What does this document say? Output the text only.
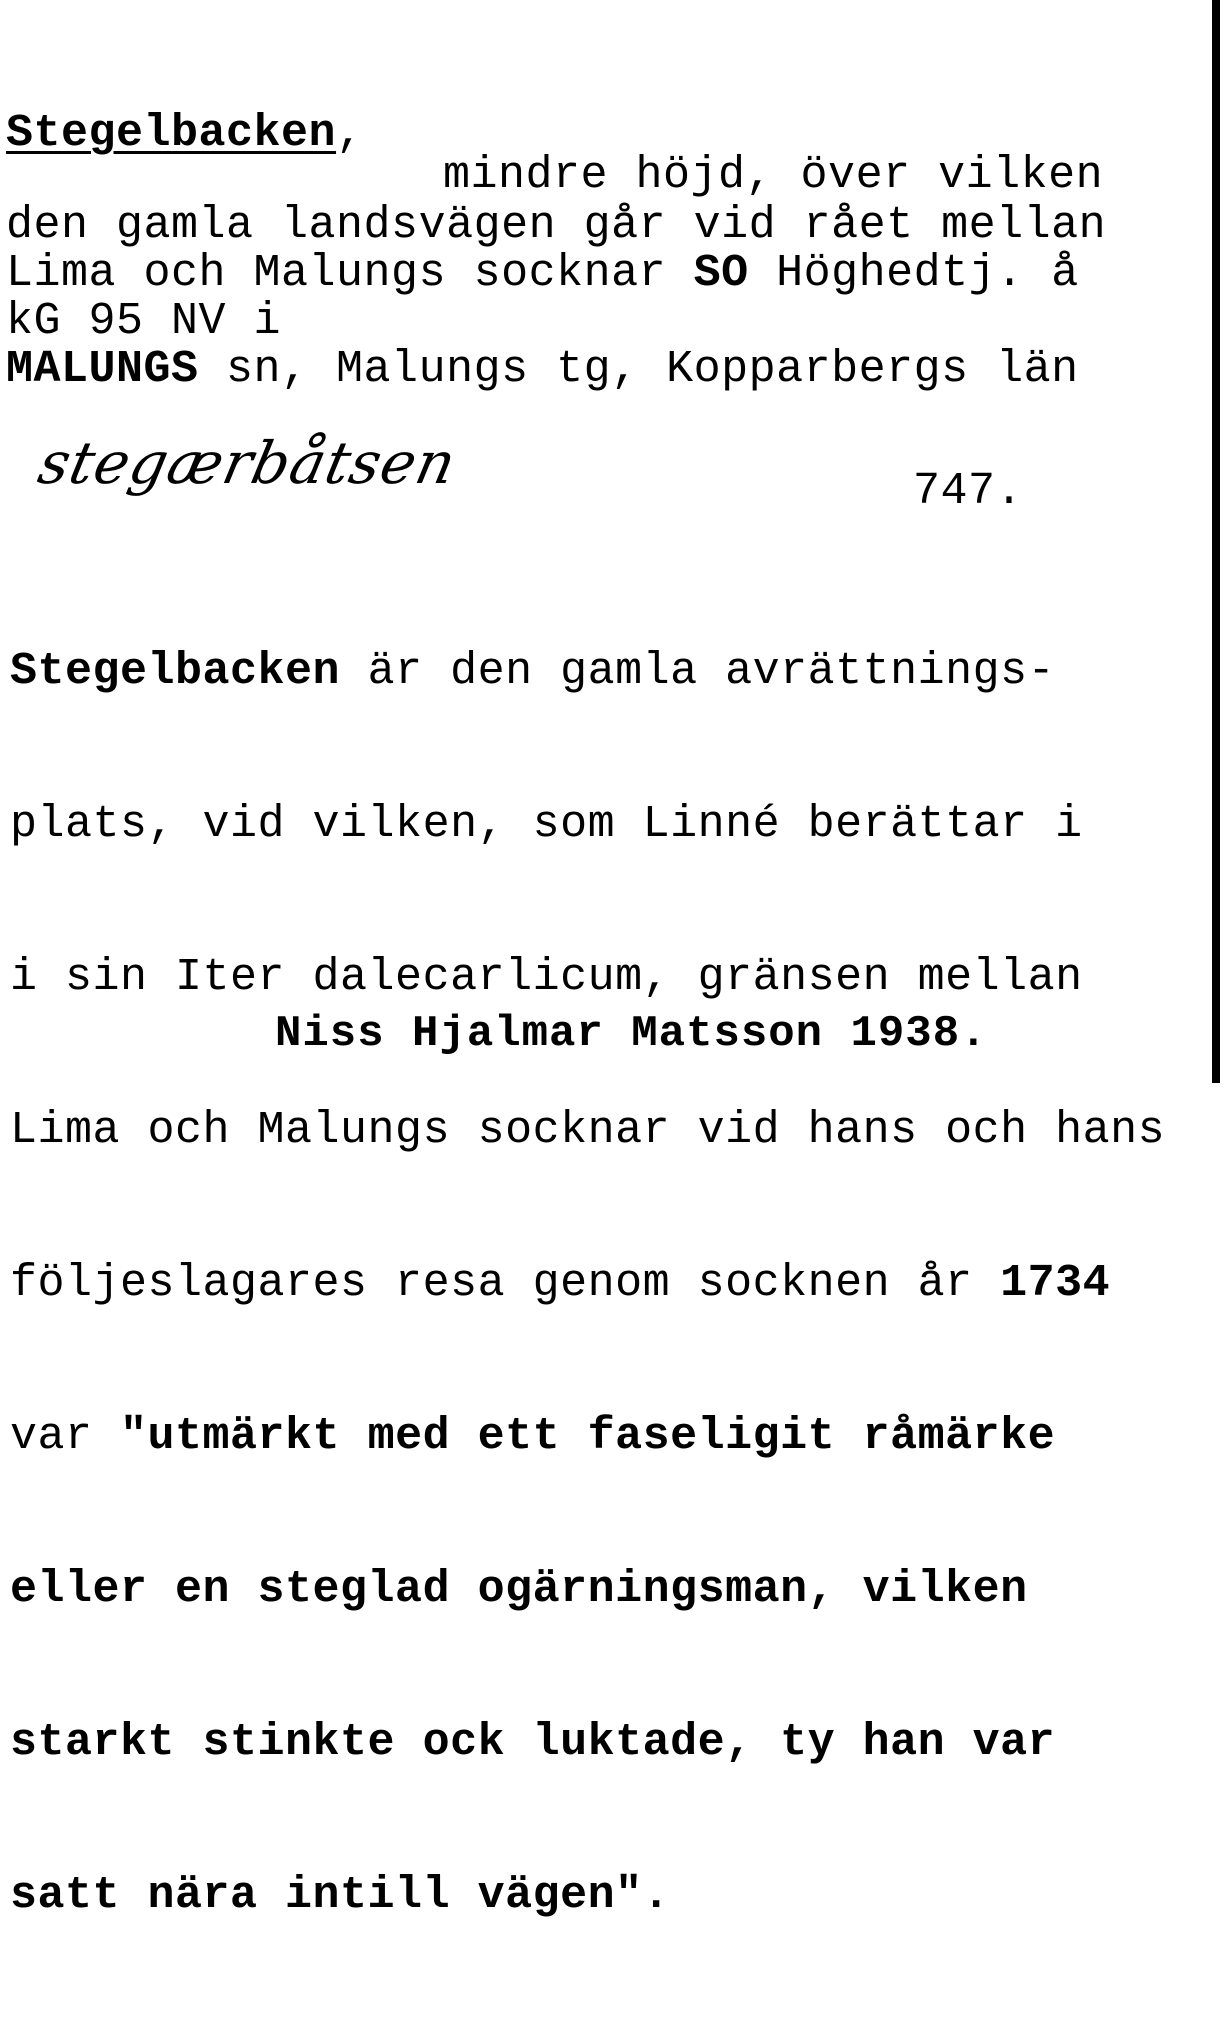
Stegelbacken,
mindre höjd, över vilken
den gamla landsvägen går vid rået mellan
Lima och Malungs socknar SO Höghedtj. å
kG 95 NV i
MALUNGS sn, Malungs tg, Kopparbergs län
stegærbåtsen	747.

Stegelbacken är den gamla avrättnings-

plats, vid vilken, som Linné berättar i

i sin Iter dalecarlicum, gränsen mellan

Lima och Malungs socknar vid hans och hans

följeslagares resa genom socknen år 1734

var "utmärkt med ett faseligit råmärke

eller en steglad ogärningsman, vilken

starkt stinkte ock luktade, ty han var

satt nära intill vägen".

Niss Hjalmar Matsson 1938.
